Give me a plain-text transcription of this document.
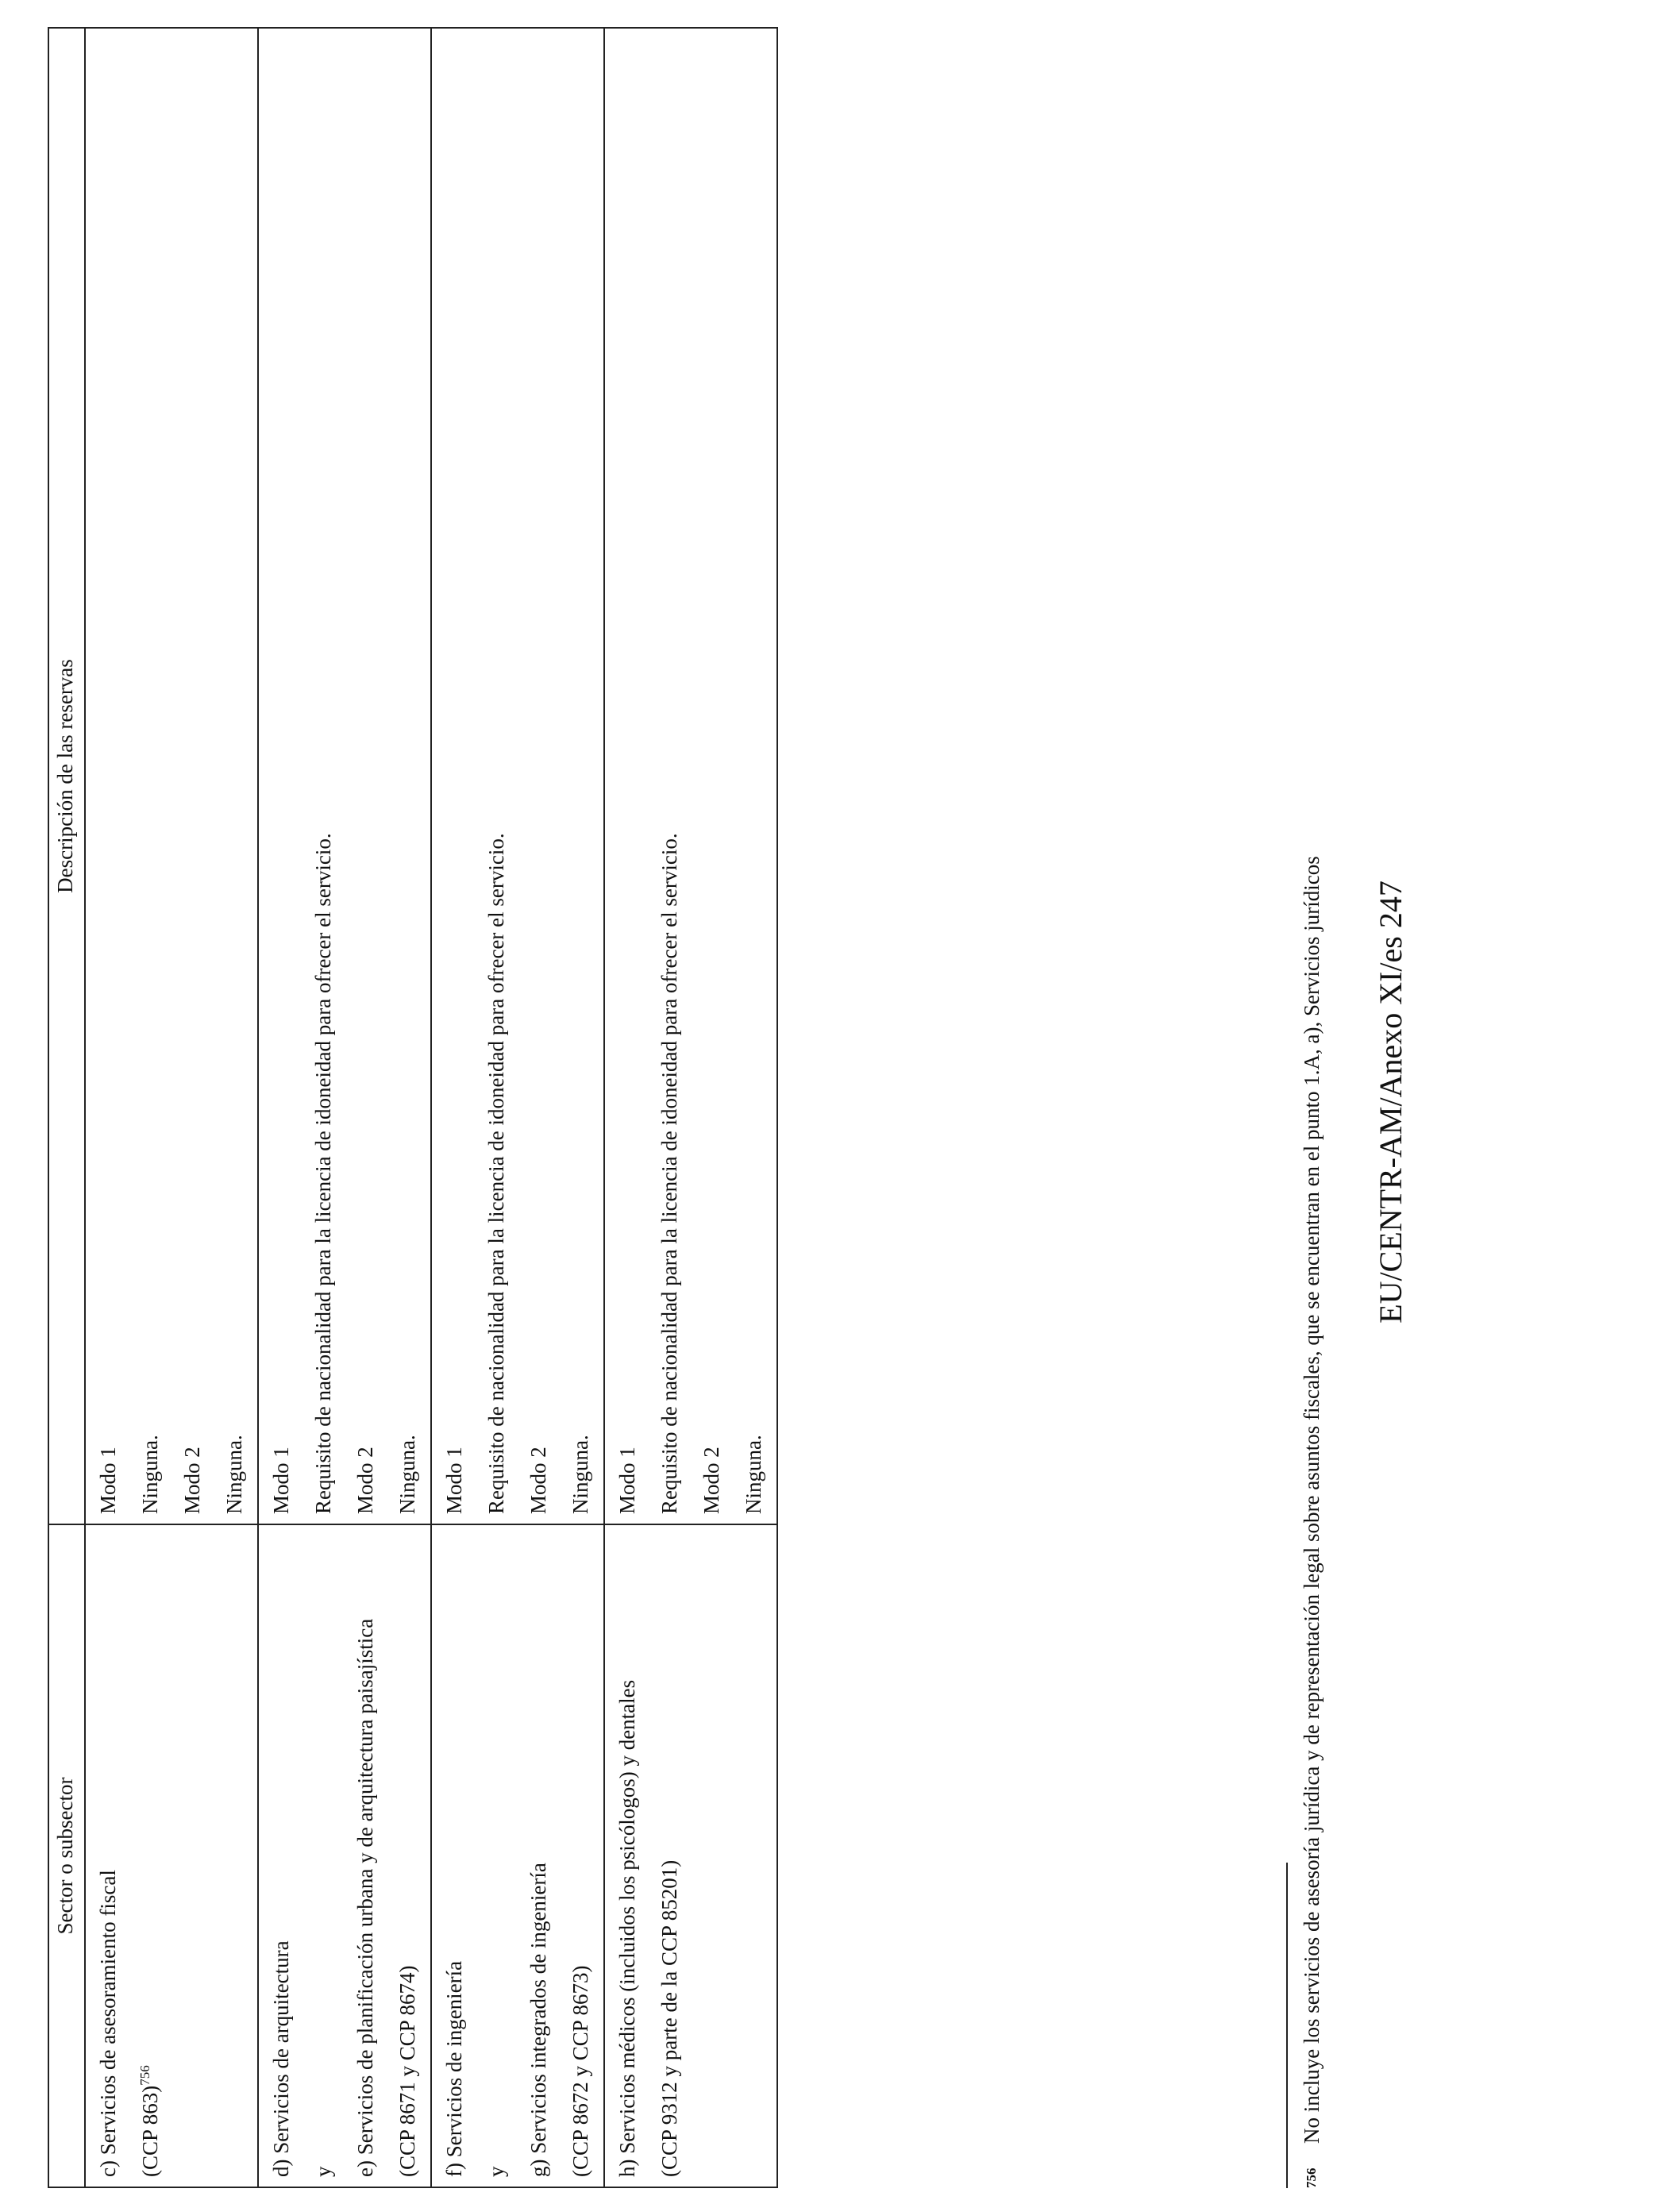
Sector o subsector	Descripción de las reservas

c) Servicios de asesoramiento fiscal (CCP 863)$^{756}$	Modo 1 Ninguna. Modo 2 Ninguna.

d) Servicios de arquitectura y e) Servicios de planificación urbana y de arquitectura paisajística (CCP 8671 y CCP 8674)	Modo 1 Requisito de nacionalidad para la licencia de idoneidad para ofrecer el servicio. Modo 2 Ninguna.

f) Servicios de ingeniería y g) Servicios integrados de ingeniería (CCP 8672 y CCP 8673)	Modo 1 Requisito de nacionalidad para la licencia de idoneidad para ofrecer el servicio. Modo 2 Ninguna.

h) Servicios médicos (incluidos los psicólogos) y dentales (CCP 9312 y parte de la CCP 85201)	Modo 1 Requisito de nacionalidad para la licencia de idoneidad para ofrecer el servicio. Modo 2 Ninguna.
756No incluye los servicios de asesoría jurídica y de representación legal sobre asuntos fiscales, que se encuentran en el punto 1.A, a), Servicios jurídicos EU/CENTR-AM/Anexo XI/es 247
